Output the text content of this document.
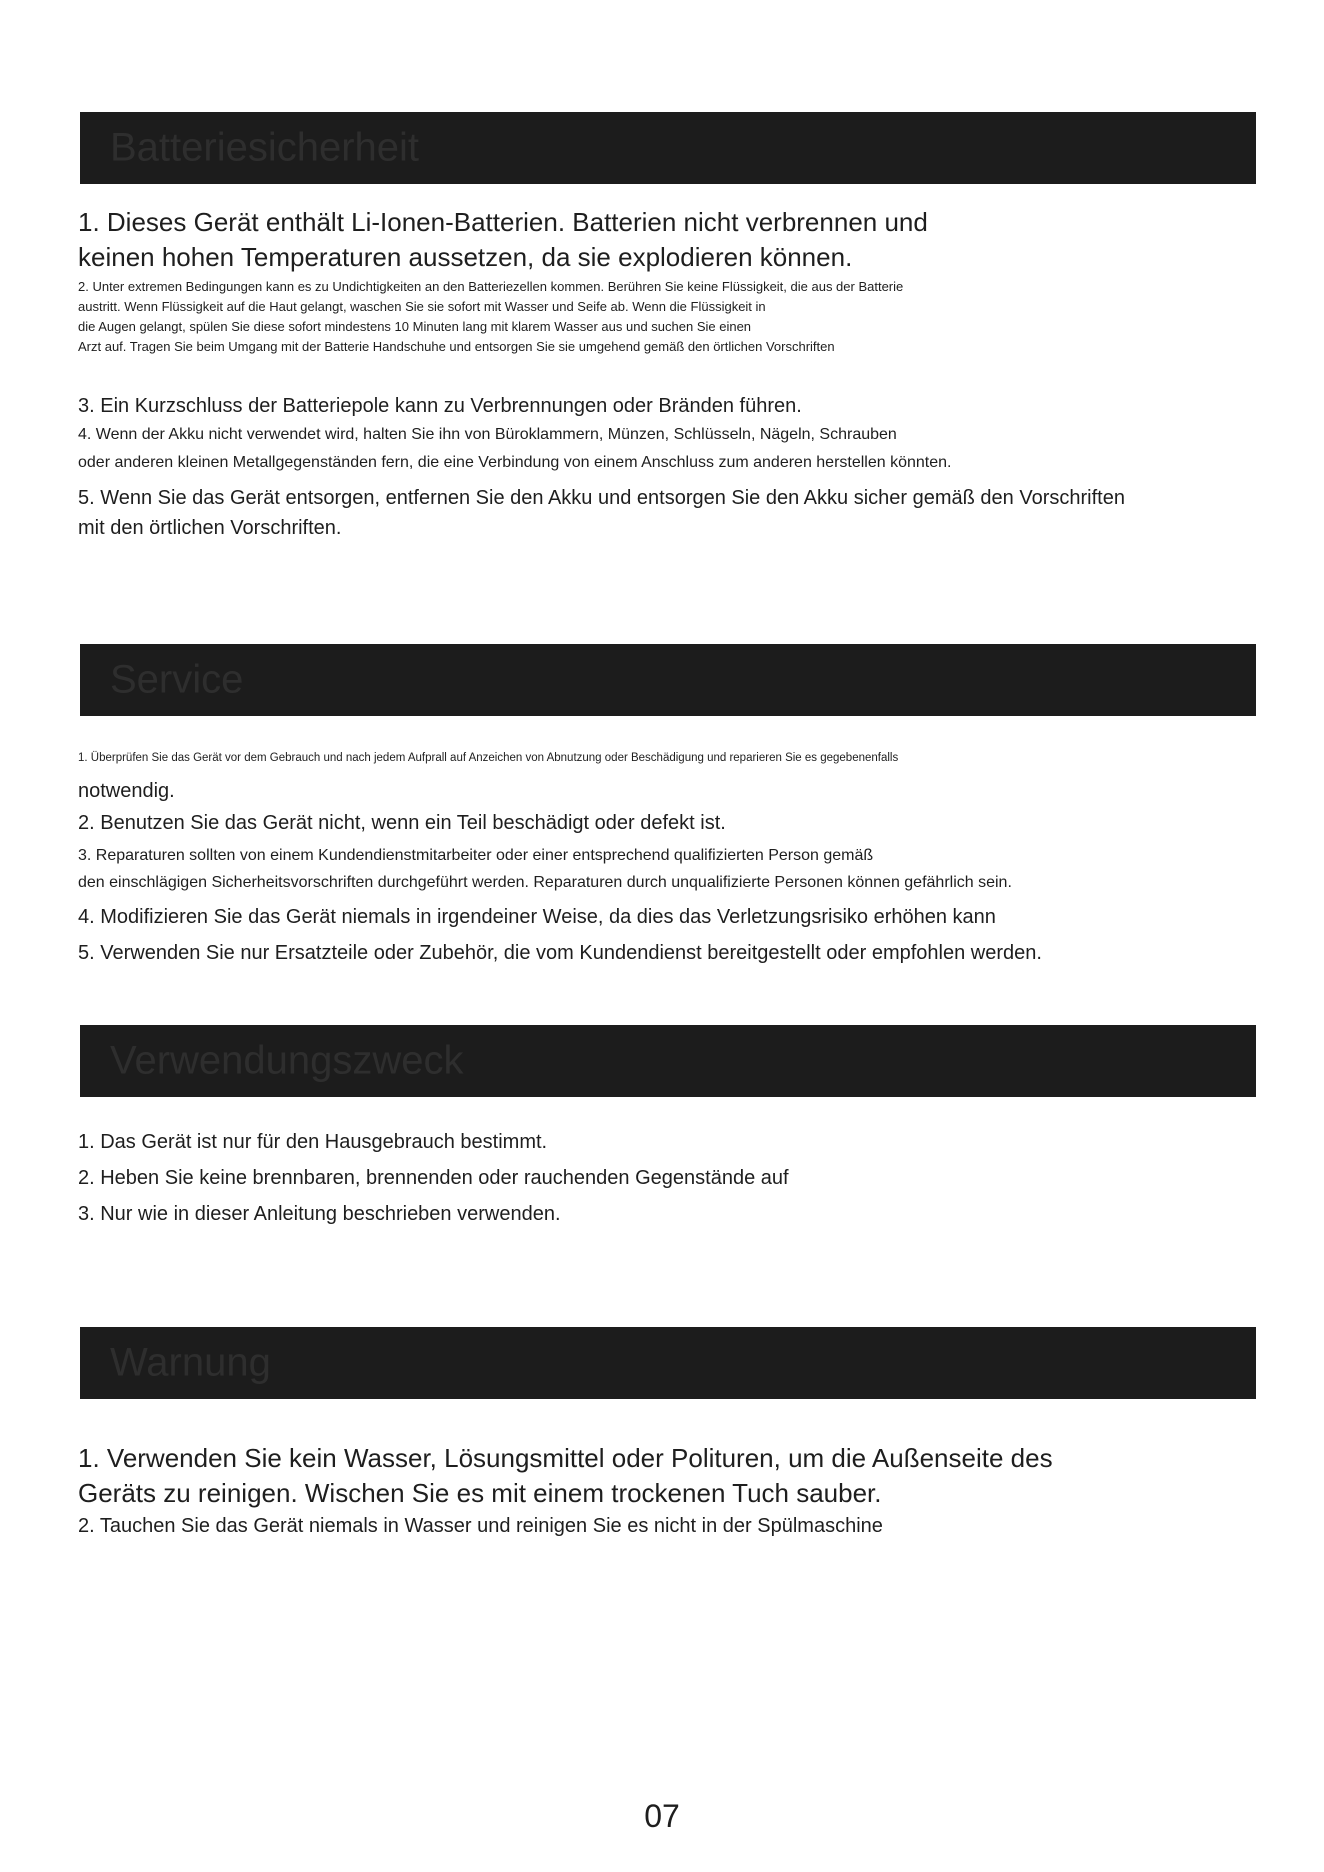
Batteriesicherheit

1. Dieses Gerät enthält Li-Ionen-Batterien. Batterien nicht verbrennen und

keinen hohen Temperaturen aussetzen, da sie explodieren können.

2. Unter extremen Bedingungen kann es zu Undichtigkeiten an den Batteriezellen kommen. Berühren Sie keine Flüssigkeit, die aus der Batterie

austritt. Wenn Flüssigkeit auf die Haut gelangt, waschen Sie sie sofort mit Wasser und Seife ab. Wenn die Flüssigkeit in

die Augen gelangt, spülen Sie diese sofort mindestens 10 Minuten lang mit klarem Wasser aus und suchen Sie einen

Arzt auf. Tragen Sie beim Umgang mit der Batterie Handschuhe und entsorgen Sie sie umgehend gemäß den örtlichen Vorschriften

3. Ein Kurzschluss der Batteriepole kann zu Verbrennungen oder Bränden führen.

4. Wenn der Akku nicht verwendet wird, halten Sie ihn von Büroklammern, Münzen, Schlüsseln, Nägeln, Schrauben

oder anderen kleinen Metallgegenständen fern, die eine Verbindung von einem Anschluss zum anderen herstellen könnten.

5. Wenn Sie das Gerät entsorgen, entfernen Sie den Akku und entsorgen Sie den Akku sicher gemäß den Vorschriften

mit den örtlichen Vorschriften.

Service

1. Überprüfen Sie das Gerät vor dem Gebrauch und nach jedem Aufprall auf Anzeichen von Abnutzung oder Beschädigung und reparieren Sie es gegebenenfalls

notwendig.

2. Benutzen Sie das Gerät nicht, wenn ein Teil beschädigt oder defekt ist.

3. Reparaturen sollten von einem Kundendienstmitarbeiter oder einer entsprechend qualifizierten Person gemäß

den einschlägigen Sicherheitsvorschriften durchgeführt werden. Reparaturen durch unqualifizierte Personen können gefährlich sein.

4. Modifizieren Sie das Gerät niemals in irgendeiner Weise, da dies das Verletzungsrisiko erhöhen kann

5. Verwenden Sie nur Ersatzteile oder Zubehör, die vom Kundendienst bereitgestellt oder empfohlen werden.

Verwendungszweck

1. Das Gerät ist nur für den Hausgebrauch bestimmt.

2. Heben Sie keine brennbaren, brennenden oder rauchenden Gegenstände auf

3. Nur wie in dieser Anleitung beschrieben verwenden.

Warnung

1. Verwenden Sie kein Wasser, Lösungsmittel oder Polituren, um die Außenseite des

Geräts zu reinigen. Wischen Sie es mit einem trockenen Tuch sauber.

2. Tauchen Sie das Gerät niemals in Wasser und reinigen Sie es nicht in der Spülmaschine

07
